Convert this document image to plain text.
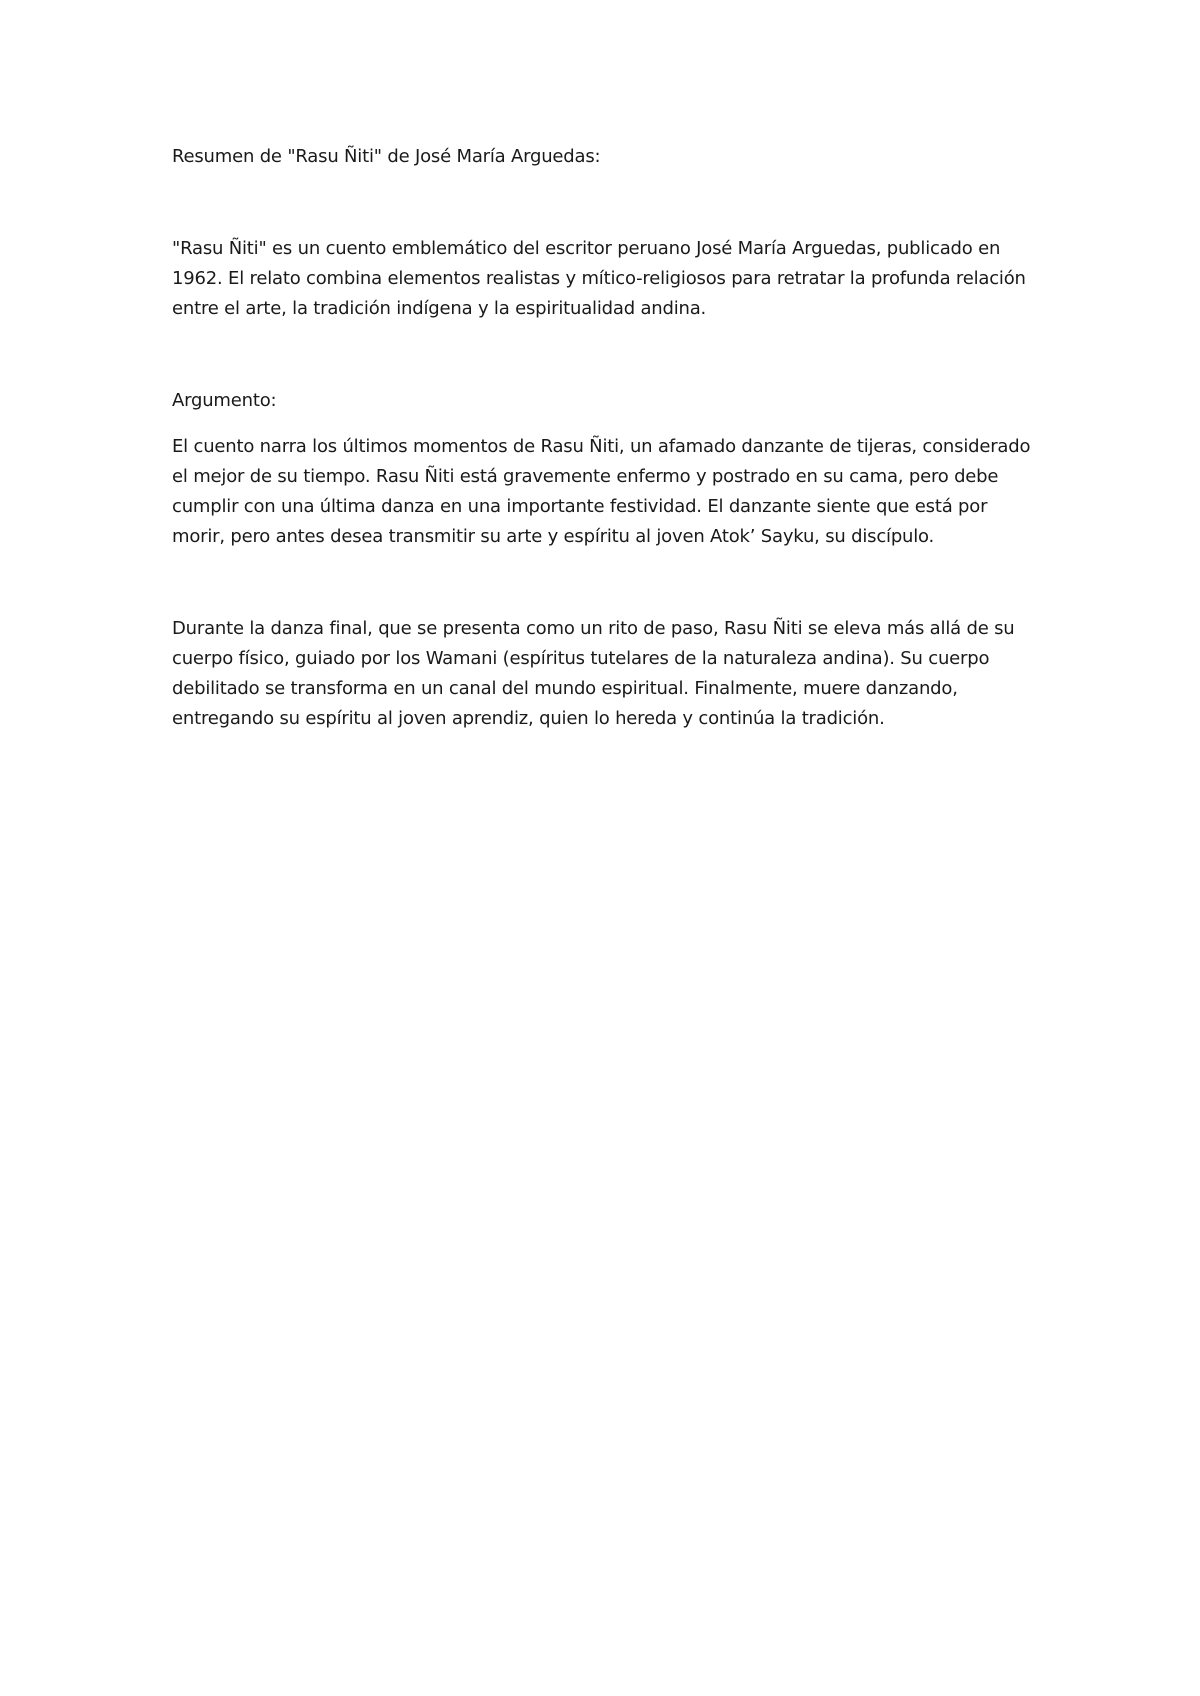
Resumen de "Rasu Ñiti" de José María Arguedas:

"Rasu Ñiti" es un cuento emblemático del escritor peruano José María Arguedas, publicado en 1962. El relato combina elementos realistas y mítico-religiosos para retratar la profunda relación entre el arte, la tradición indígena y la espiritualidad andina.

Argumento:

El cuento narra los últimos momentos de Rasu Ñiti, un afamado danzante de tijeras, considerado el mejor de su tiempo. Rasu Ñiti está gravemente enfermo y postrado en su cama, pero debe cumplir con una última danza en una importante festividad. El danzante siente que está por morir, pero antes desea transmitir su arte y espíritu al joven Atok’ Sayku, su discípulo.

Durante la danza final, que se presenta como un rito de paso, Rasu Ñiti se eleva más allá de su cuerpo físico, guiado por los Wamani (espíritus tutelares de la naturaleza andina). Su cuerpo debilitado se transforma en un canal del mundo espiritual. Finalmente, muere danzando, entregando su espíritu al joven aprendiz, quien lo hereda y continúa la tradición.
